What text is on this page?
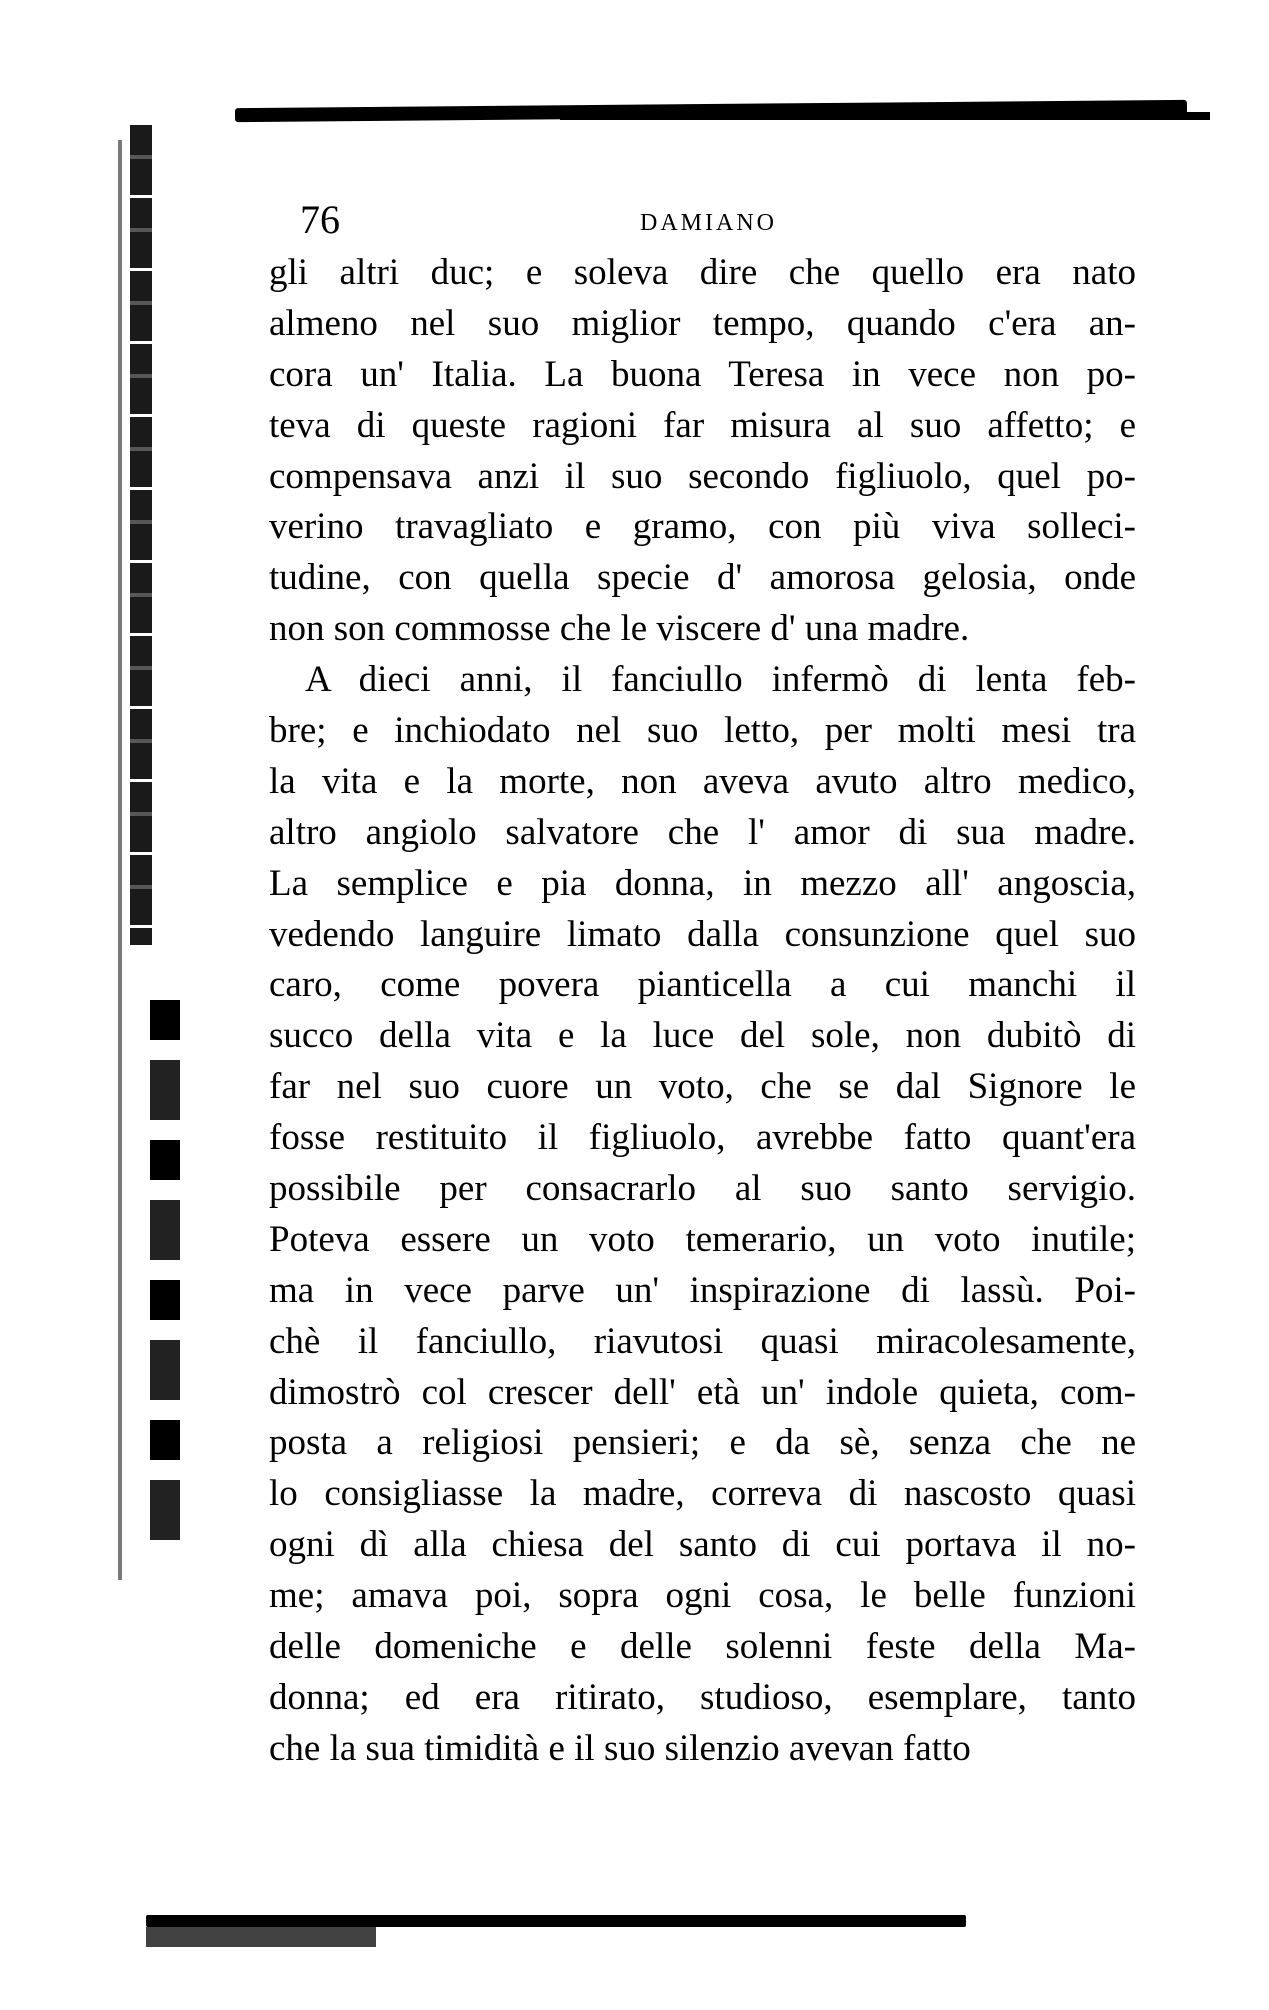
76	DAMIANO
gli altri duc; e soleva dire che quello era nato
almeno nel suo miglior tempo, quando c'era an-
cora un' Italia. La buona Teresa in vece non po-
teva di queste ragioni far misura al suo affetto; e
compensava anzi il suo secondo figliuolo, quel po-
verino travagliato e gramo, con più viva solleci-
tudine, con quella specie d' amorosa gelosia, onde
non son commosse che le viscere d' una madre.
A dieci anni, il fanciullo infermò di lenta feb-
bre; e inchiodato nel suo letto, per molti mesi tra
la vita e la morte, non aveva avuto altro medico,
altro angiolo salvatore che l' amor di sua madre.
La semplice e pia donna, in mezzo all' angoscia,
vedendo languire limato dalla consunzione quel suo
caro, come povera pianticella a cui manchi il
succo della vita e la luce del sole, non dubitò di
far nel suo cuore un voto, che se dal Signore le
fosse restituito il figliuolo, avrebbe fatto quant'era
possibile per consacrarlo al suo santo servigio.
Poteva essere un voto temerario, un voto inutile;
ma in vece parve un' inspirazione di lassù. Poi-
chè il fanciullo, riavutosi quasi miracolesamente,
dimostrò col crescer dell' età un' indole quieta, com-
posta a religiosi pensieri; e da sè, senza che ne
lo consigliasse la madre, correva di nascosto quasi
ogni dì alla chiesa del santo di cui portava il no-
me; amava poi, sopra ogni cosa, le belle funzioni
delle domeniche e delle solenni feste della Ma-
donna; ed era ritirato, studioso, esemplare, tanto
che la sua timidità e il suo silenzio avevan fatto
